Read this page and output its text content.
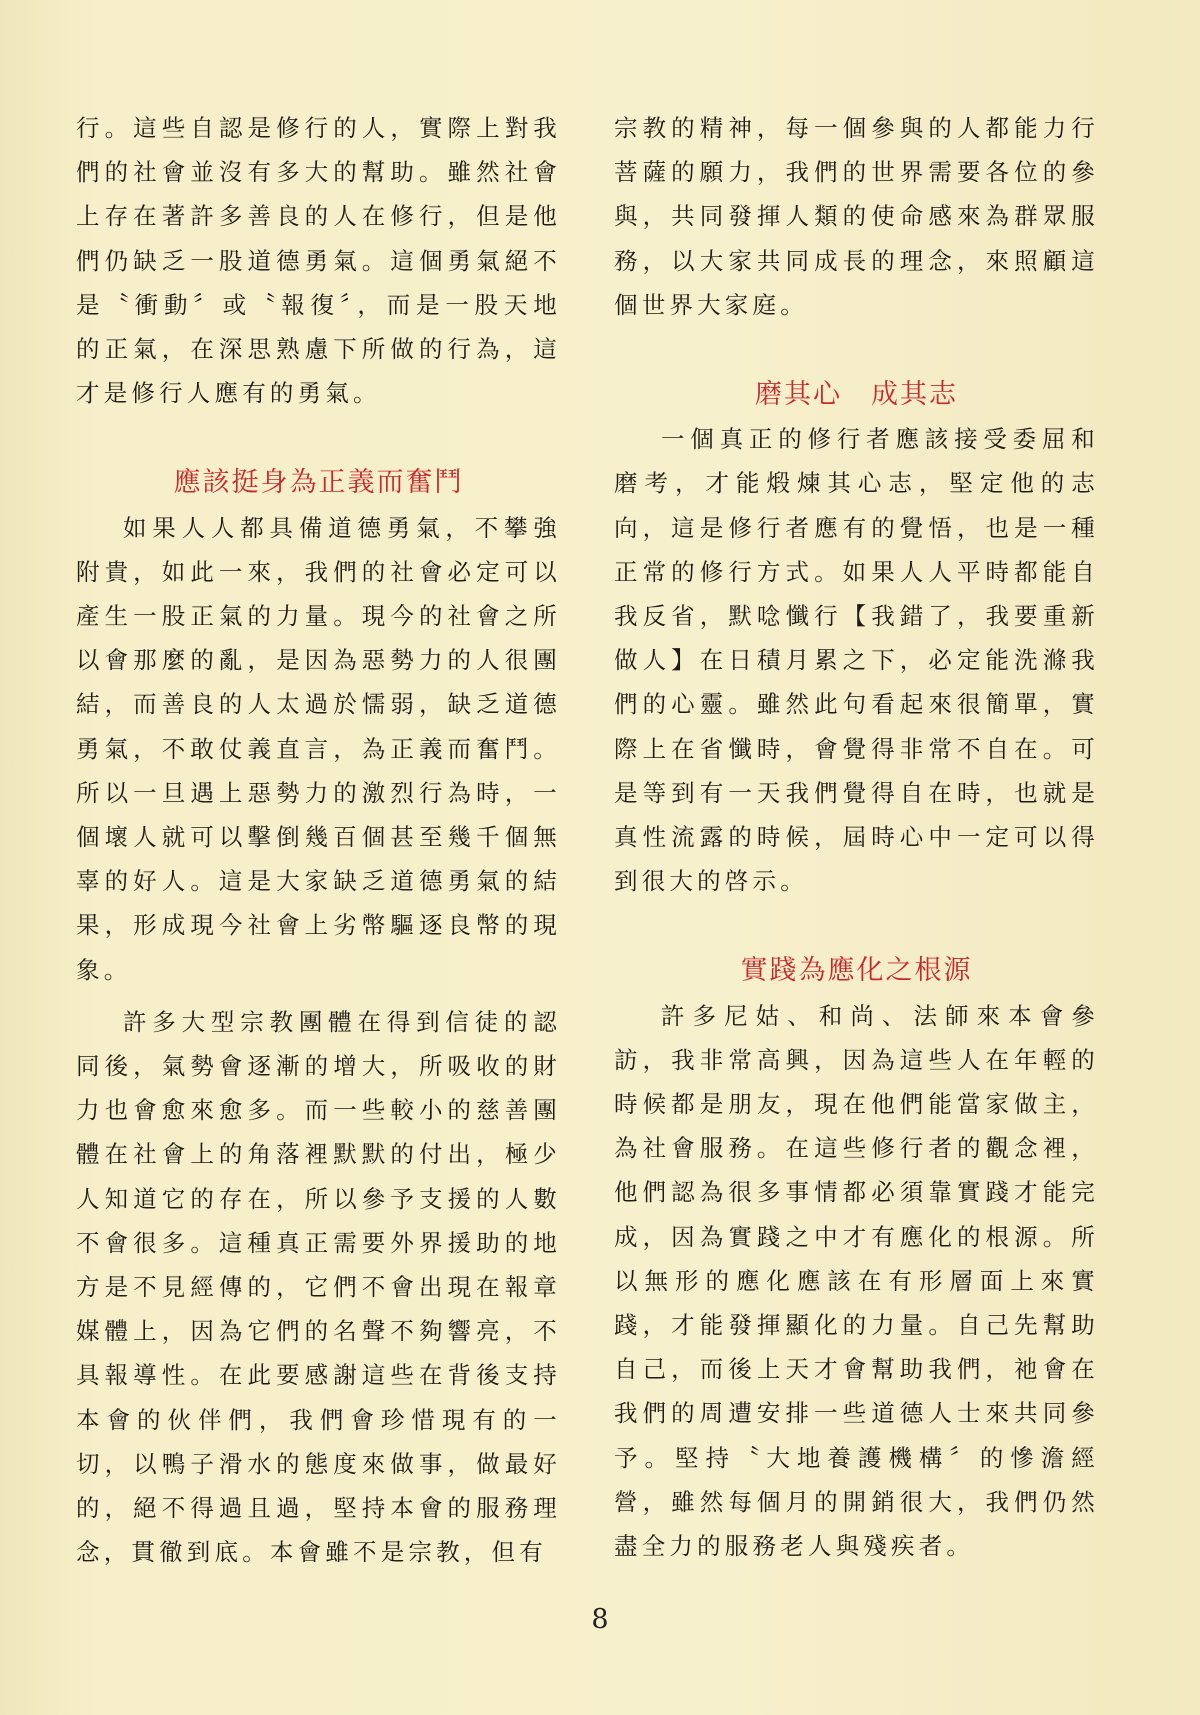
行。這些自認是修行的人，實際上對我們的社會並沒有多大的幫助。雖然社會上存在著許多善良的人在修行，但是他們仍缺乏一股道德勇氣。這個勇氣絕不是〝衝動〞或〝報復〞，而是一股天地的正氣，在深思熟慮下所做的行為，這才是修行人應有的勇氣。

應該挺身為正義而奮鬥

如果人人都具備道德勇氣，不攀強附貴，如此一來，我們的社會必定可以產生一股正氣的力量。現今的社會之所以會那麼的亂，是因為惡勢力的人很團結，而善良的人太過於懦弱，缺乏道德勇氣，不敢仗義直言，為正義而奮鬥。所以一旦遇上惡勢力的激烈行為時，一個壞人就可以擊倒幾百個甚至幾千個無辜的好人。這是大家缺乏道德勇氣的結果，形成現今社會上劣幣驅逐良幣的現象。

許多大型宗教團體在得到信徒的認同後，氣勢會逐漸的增大，所吸收的財力也會愈來愈多。而一些較小的慈善團體在社會上的角落裡默默的付出，極少人知道它的存在，所以參予支援的人數不會很多。這種真正需要外界援助的地方是不見經傳的，它們不會出現在報章媒體上，因為它們的名聲不夠響亮，不具報導性。在此要感謝這些在背後支持本會的伙伴們，我們會珍惜現有的一切，以鴨子滑水的態度來做事，做最好的，絕不得過且過，堅持本會的服務理念，貫徹到底。本會雖不是宗教，但有

宗教的精神，每一個參與的人都能力行菩薩的願力，我們的世界需要各位的參與，共同發揮人類的使命感來為群眾服務，以大家共同成長的理念，來照顧這個世界大家庭。

磨其心　成其志

一個真正的修行者應該接受委屈和磨考，才能煅煉其心志，堅定他的志向，這是修行者應有的覺悟，也是一種正常的修行方式。如果人人平時都能自我反省，默唸懺行【我錯了，我要重新做人】在日積月累之下，必定能洗滌我們的心靈。雖然此句看起來很簡單，實際上在省懺時，會覺得非常不自在。可是等到有一天我們覺得自在時，也就是真性流露的時候，屆時心中一定可以得到很大的啓示。

實踐為應化之根源

許多尼姑、和尚、法師來本會參訪，我非常高興，因為這些人在年輕的時候都是朋友，現在他們能當家做主，為社會服務。在這些修行者的觀念裡，他們認為很多事情都必須靠實踐才能完成，因為實踐之中才有應化的根源。所以無形的應化應該在有形層面上來實踐，才能發揮顯化的力量。自己先幫助自己，而後上天才會幫助我們，祂會在我們的周遭安排一些道德人士來共同參予。堅持〝大地養護機構〞的慘澹經營，雖然每個月的開銷很大，我們仍然盡全力的服務老人與殘疾者。

8
